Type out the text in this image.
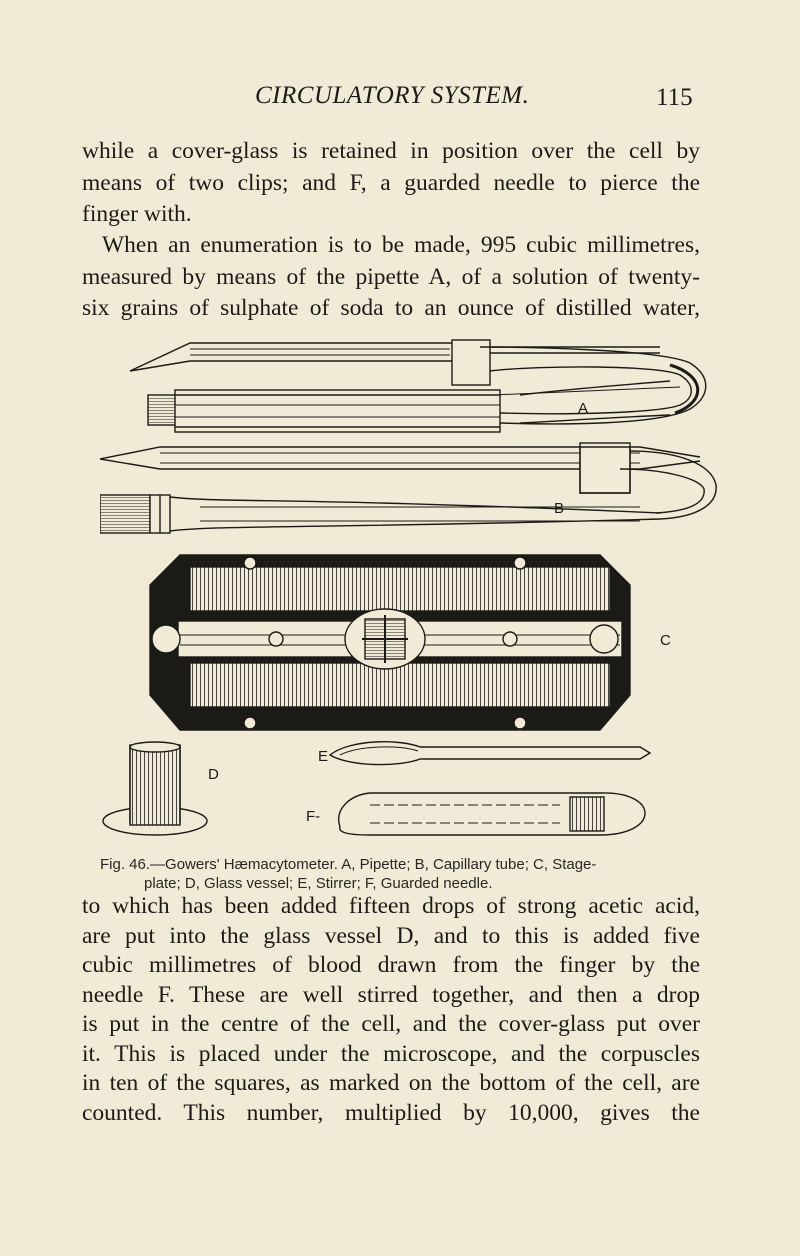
CIRCULATORY SYSTEM.	115
while a cover-glass is retained in position over the cell by
means of two clips; and F, a guarded needle to pierce the
finger with.
When an enumeration is to be made, 995 cubic millimetres,
measured by means of the pipette A, of a solution of twenty-
six grains of sulphate of soda to an ounce of distilled water,
A
B
C
D
E
F-
Fig. 46.—Gowers' Hæmacytometer. A, Pipette; B, Capillary tube; C, Stage-
plate; D, Glass vessel; E, Stirrer; F, Guarded needle.
to which has been added fifteen drops of strong acetic acid,
are put into the glass vessel D, and to this is added five
cubic millimetres of blood drawn from the finger by the
needle F. These are well stirred together, and then a drop
is put in the centre of the cell, and the cover-glass put over
it. This is placed under the microscope, and the corpuscles
in ten of the squares, as marked on the bottom of the cell, are
counted. This number, multiplied by 10,000, gives the
